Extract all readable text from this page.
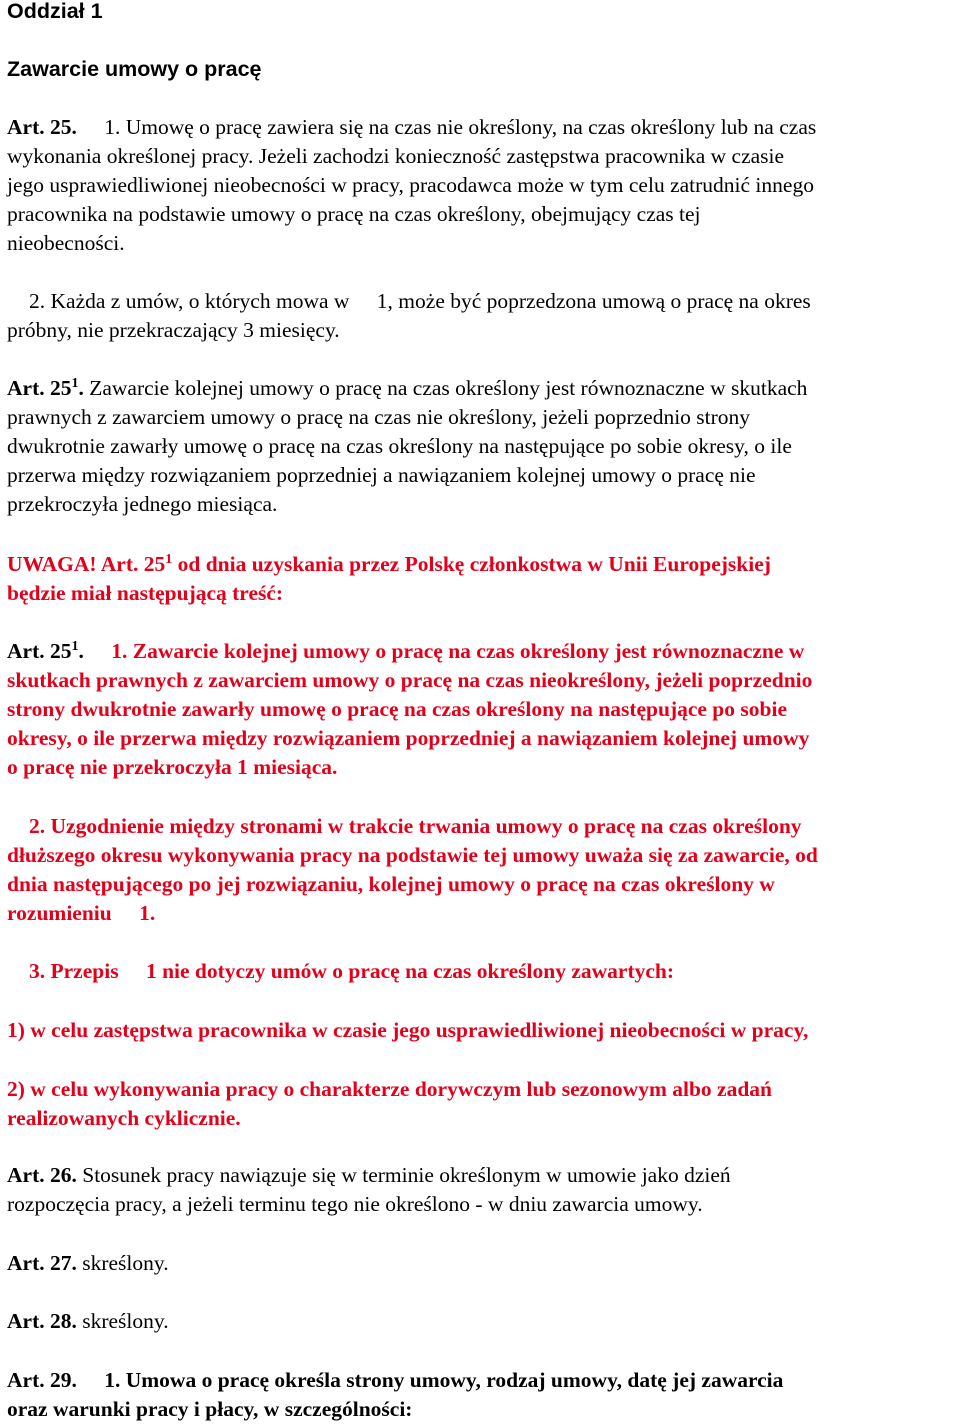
Oddział 1
Zawarcie umowy o pracę
Art. 25. 1. Umowę o pracę zawiera się na czas nie określony, na czas określony lub na czas
wykonania określonej pracy. Jeżeli zachodzi konieczność zastępstwa pracownika w czasie
jego usprawiedliwionej nieobecności w pracy, pracodawca może w tym celu zatrudnić innego
pracownika na podstawie umowy o pracę na czas określony, obejmujący czas tej
nieobecności.
2. Każda z umów, o których mowa w 1, może być poprzedzona umową o pracę na okres
próbny, nie przekraczający 3 miesięcy.
Art. $25^1$. Zawarcie kolejnej umowy o pracę na czas określony jest równoznaczne w skutkach
prawnych z zawarciem umowy o pracę na czas nie określony, jeżeli poprzednio strony
dwukrotnie zawarły umowę o pracę na czas określony na następujące po sobie okresy, o ile
przerwa między rozwiązaniem poprzedniej a nawiązaniem kolejnej umowy o pracę nie
przekroczyła jednego miesiąca.
UWAGA! Art. $25^1$ od dnia uzyskania przez Polskę członkostwa w Unii Europejskiej
będzie miał następującą treść:
Art. $25^1$. 1. Zawarcie kolejnej umowy o pracę na czas określony jest równoznaczne w
skutkach prawnych z zawarciem umowy o pracę na czas nieokreślony, jeżeli poprzednio
strony dwukrotnie zawarły umowę o pracę na czas określony na następujące po sobie
okresy, o ile przerwa między rozwiązaniem poprzedniej a nawiązaniem kolejnej umowy
o pracę nie przekroczyła 1 miesiąca.
2. Uzgodnienie między stronami w trakcie trwania umowy o pracę na czas określony
dłuższego okresu wykonywania pracy na podstawie tej umowy uważa się za zawarcie, od
dnia następującego po jej rozwiązaniu, kolejnej umowy o pracę na czas określony w
rozumieniu 1.
3. Przepis 1 nie dotyczy umów o pracę na czas określony zawartych:
1) w celu zastępstwa pracownika w czasie jego usprawiedliwionej nieobecności w pracy,
2) w celu wykonywania pracy o charakterze dorywczym lub sezonowym albo zadań
realizowanych cyklicznie.
Art. 26. Stosunek pracy nawiązuje się w terminie określonym w umowie jako dzień
rozpoczęcia pracy, a jeżeli terminu tego nie określono - w dniu zawarcia umowy.
Art. 27. skreślony.
Art. 28. skreślony.
Art. 29. 1. Umowa o pracę określa strony umowy, rodzaj umowy, datę jej zawarcia
oraz warunki pracy i płacy, w szczególności:
